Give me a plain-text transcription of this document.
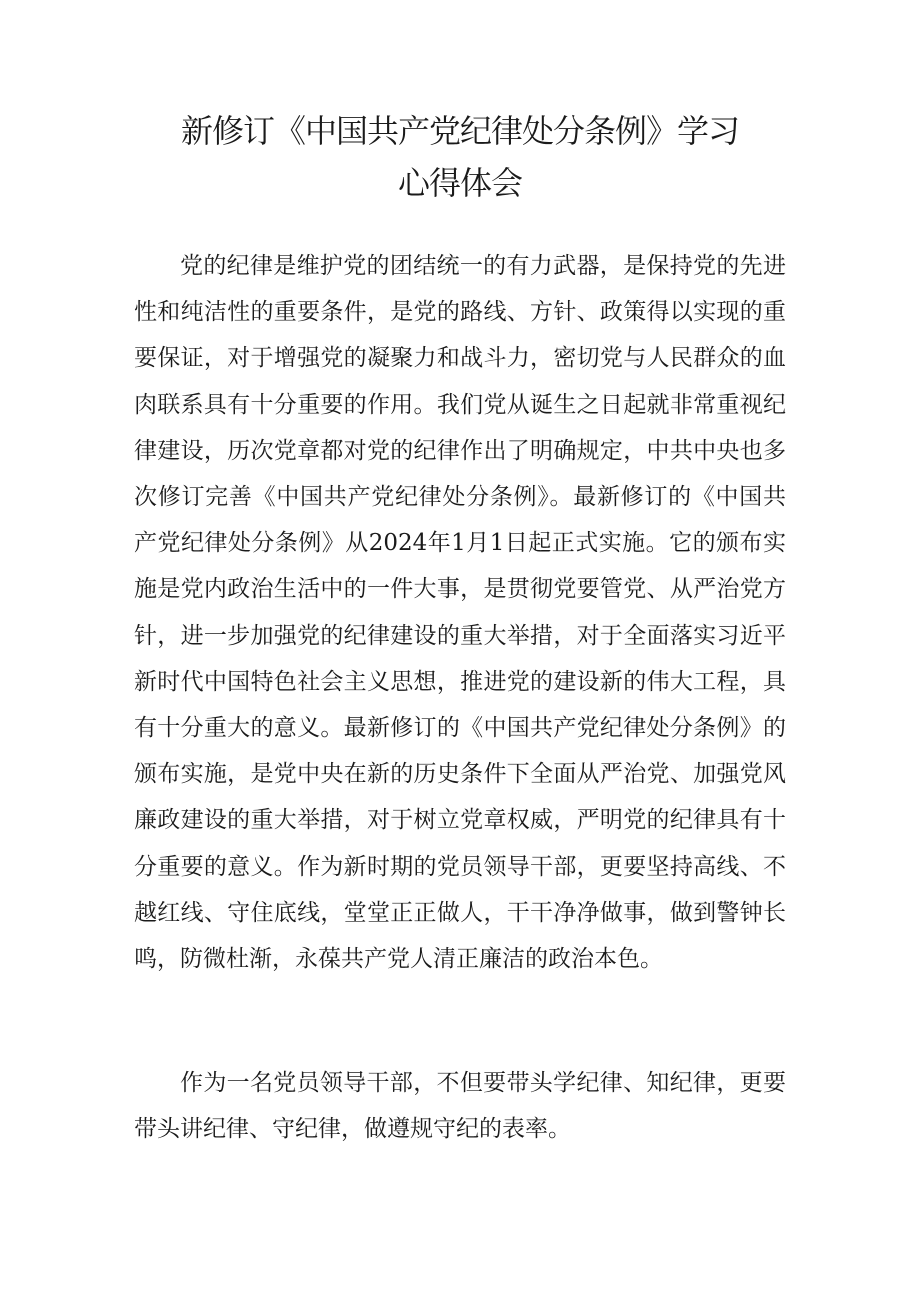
新修订《中国共产党纪律处分条例》学习
心得体会

党的纪律是维护党的团结统一的有力武器，是保持党的先进性和纯洁性的重要条件，是党的路线、方针、政策得以实现的重要保证，对于增强党的凝聚力和战斗力，密切党与人民群众的血肉联系具有十分重要的作用。我们党从诞生之日起就非常重视纪律建设，历次党章都对党的纪律作出了明确规定，中共中央也多次修订完善《中国共产党纪律处分条例》。最新修订的《中国共产党纪律处分条例》从2024年1月1日起正式实施。它的颁布实施是党内政治生活中的一件大事，是贯彻党要管党、从严治党方针，进一步加强党的纪律建设的重大举措，对于全面落实习近平新时代中国特色社会主义思想，推进党的建设新的伟大工程，具有十分重大的意义。最新修订的《中国共产党纪律处分条例》的颁布实施，是党中央在新的历史条件下全面从严治党、加强党风廉政建设的重大举措，对于树立党章权威，严明党的纪律具有十分重要的意义。作为新时期的党员领导干部，更要坚持高线、不越红线、守住底线，堂堂正正做人，干干净净做事，做到警钟长鸣，防微杜渐，永葆共产党人清正廉洁的政治本色。

作为一名党员领导干部，不但要带头学纪律、知纪律，更要带头讲纪律、守纪律，做遵规守纪的表率。
